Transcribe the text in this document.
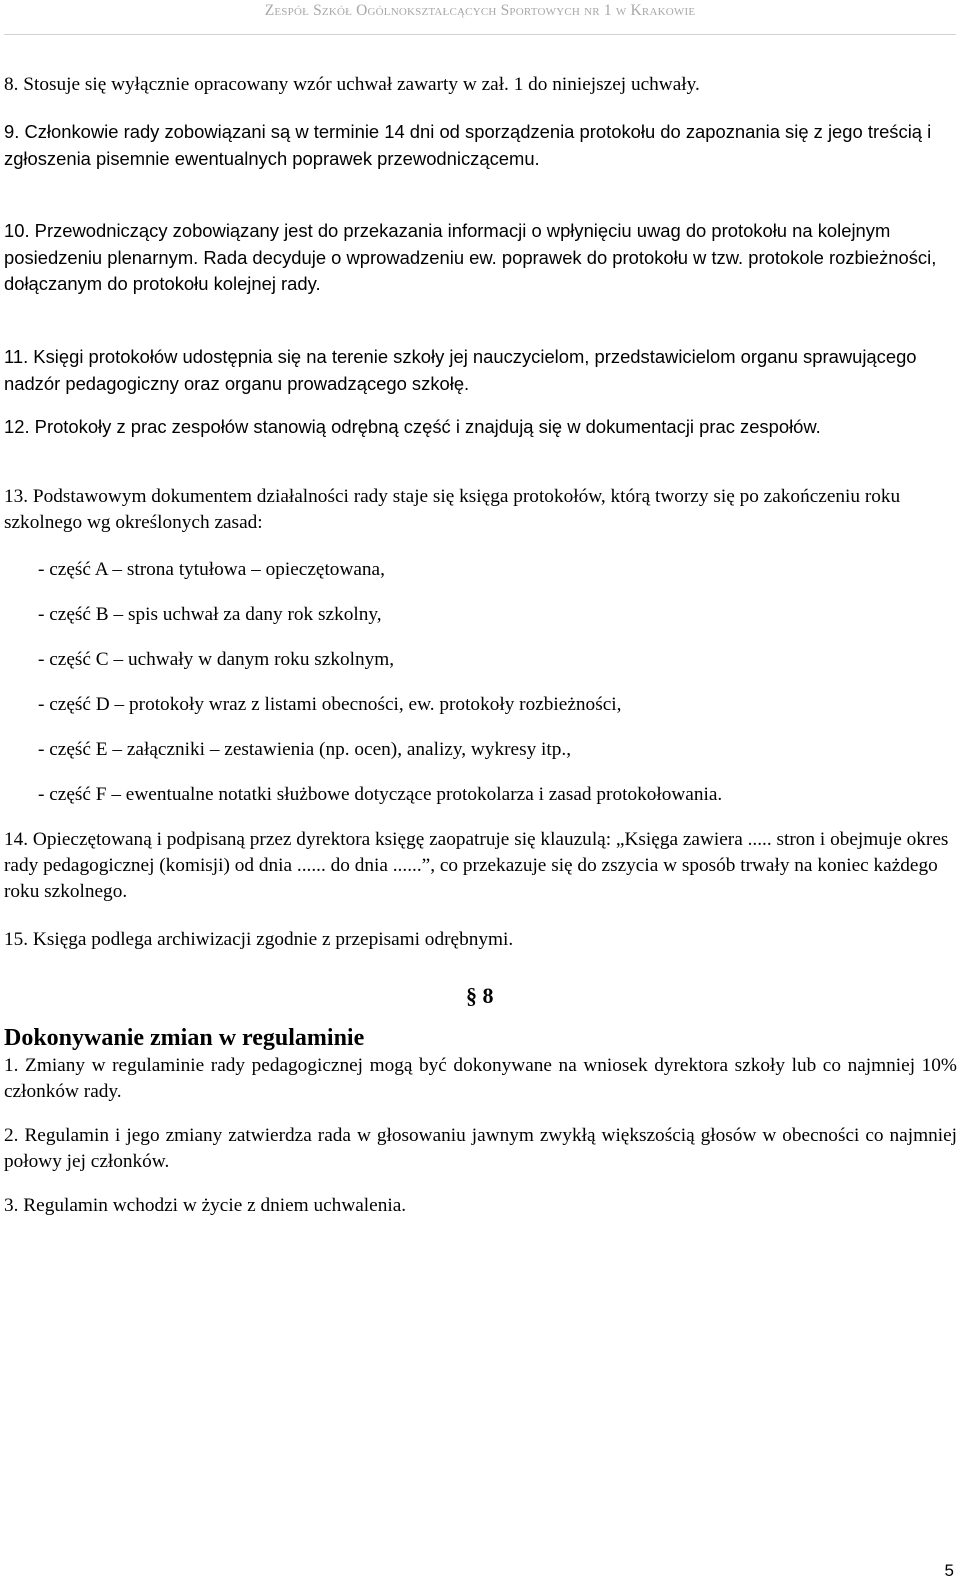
Zespół Szkół Ogólnokształcących Sportowych nr 1 w Krakowie

8. Stosuje się wyłącznie opracowany wzór uchwał zawarty w zał. 1 do niniejszej uchwały.

9. Członkowie rady zobowiązani są w terminie 14 dni od sporządzenia protokołu do zapoznania się z jego treścią i zgłoszenia pisemnie ewentualnych poprawek przewodniczącemu.

10. Przewodniczący zobowiązany jest do przekazania informacji o wpłynięciu uwag do protokołu na kolejnym posiedzeniu plenarnym. Rada decyduje o wprowadzeniu ew. poprawek do protokołu w tzw. protokole rozbieżności, dołączanym do protokołu kolejnej rady.

11. Księgi protokołów udostępnia się na terenie szkoły jej nauczycielom, przedstawicielom organu sprawującego nadzór pedagogiczny oraz organu prowadzącego szkołę.

12. Protokoły z prac zespołów stanowią odrębną część i znajdują się w dokumentacji prac zespołów.

13. Podstawowym dokumentem działalności rady staje się księga protokołów, którą tworzy się po zakończeniu roku szkolnego wg określonych zasad:

- część A – strona tytułowa – opieczętowana,

- część B – spis uchwał za dany rok szkolny,

- część C – uchwały w danym roku szkolnym,

- część D – protokoły wraz z listami obecności, ew. protokoły rozbieżności,

- część E – załączniki – zestawienia (np. ocen), analizy, wykresy itp.,

- część F – ewentualne notatki służbowe dotyczące protokolarza i zasad protokołowania.

14. Opieczętowaną i podpisaną przez dyrektora księgę zaopatruje się klauzulą: „Księga zawiera ..... stron i obejmuje okres rady pedagogicznej (komisji) od dnia ...... do dnia ......”, co przekazuje się do zszycia w sposób trwały na koniec każdego roku szkolnego.

15. Księga podlega archiwizacji zgodnie z przepisami odrębnymi.

§ 8

Dokonywanie zmian w regulaminie

1. Zmiany w regulaminie rady pedagogicznej mogą być dokonywane na wniosek dyrektora szkoły lub co najmniej 10% członków rady.

2. Regulamin i jego zmiany zatwierdza rada w głosowaniu jawnym zwykłą większością głosów w obecności co najmniej połowy jej członków.

3. Regulamin wchodzi w życie z dniem uchwalenia.

5
